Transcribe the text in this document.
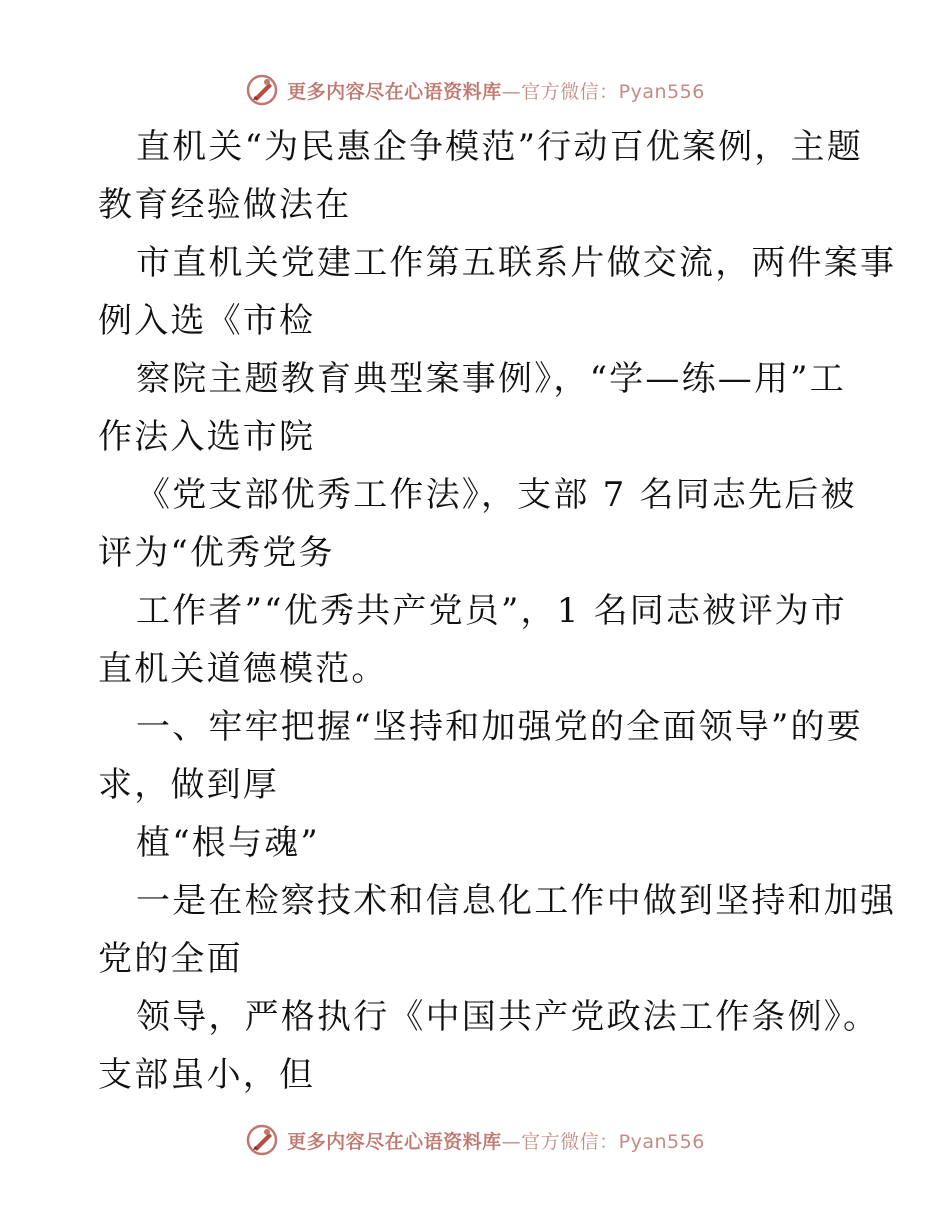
更多内容尽在心语资料库—官方微信：Pyan556
直机关“为民惠企争模范”行动百优案例，主题
教育经验做法在
市直机关党建工作第五联系片做交流，两件案事
例入选《市检
察院主题教育典型案事例》，“学—练—用”工
作法入选市院
《党支部优秀工作法》，支部 7 名同志先后被
评为“优秀党务
工作者”“优秀共产党员”，1 名同志被评为市
直机关道德模范。
一、牢牢把握“坚持和加强党的全面领导”的要
求，做到厚
植“根与魂”
一是在检察技术和信息化工作中做到坚持和加强
党的全面
领导，严格执行《中国共产党政法工作条例》。
支部虽小，但
更多内容尽在心语资料库—官方微信：Pyan556
